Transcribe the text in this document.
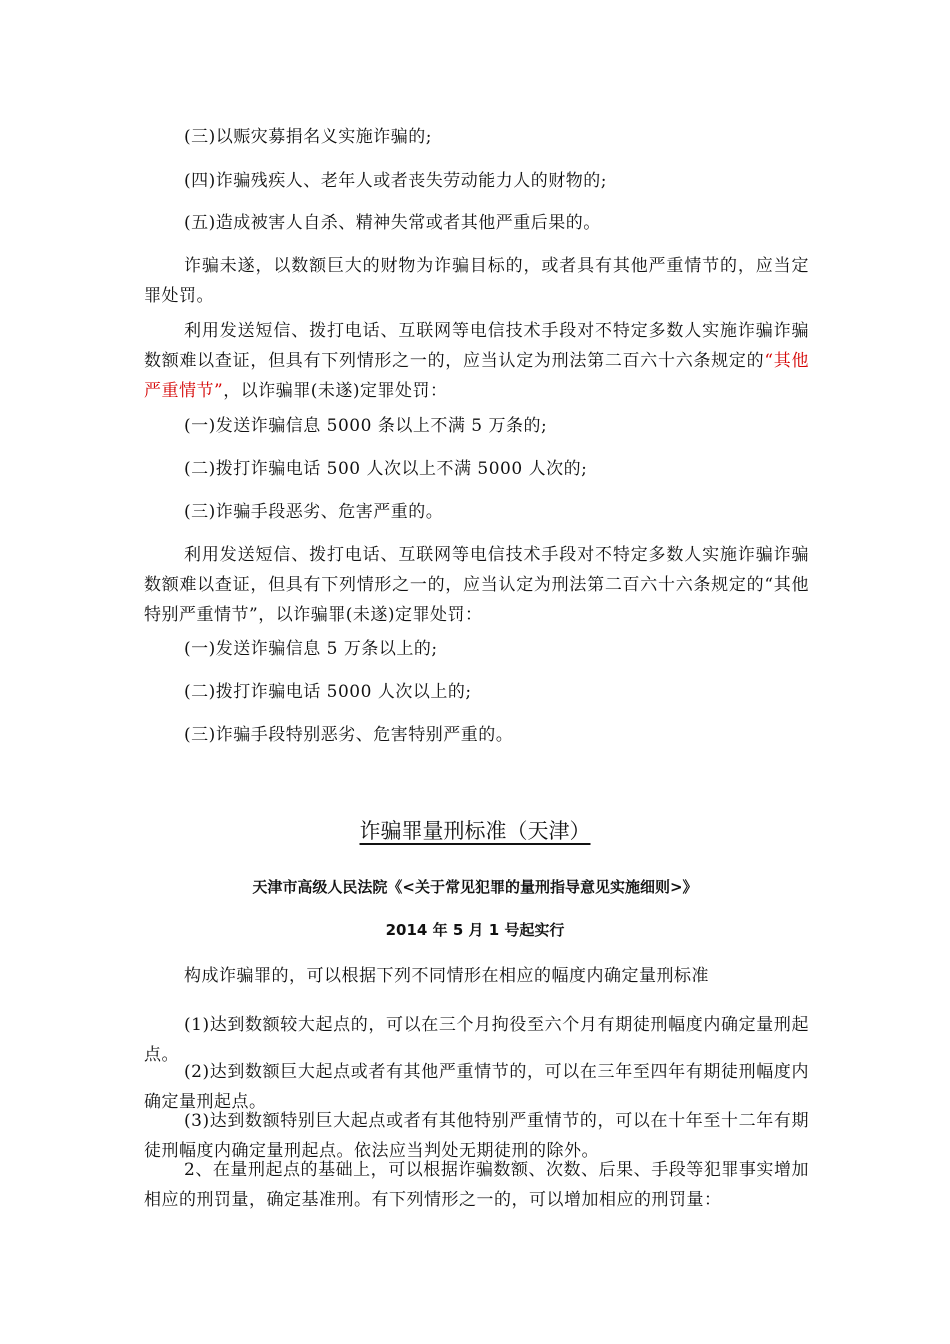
(三)以赈灾募捐名义实施诈骗的;

(四)诈骗残疾人、老年人或者丧失劳动能力人的财物的;

(五)造成被害人自杀、精神失常或者其他严重后果的。

诈骗未遂，以数额巨大的财物为诈骗目标的，或者具有其他严重情节的，应当定罪处罚。

利用发送短信、拨打电话、互联网等电信技术手段对不特定多数人实施诈骗诈骗数额难以查证，但具有下列情形之一的，应当认定为刑法第二百六十六条规定的“其他严重情节”，以诈骗罪(未遂)定罪处罚：

(一)发送诈骗信息 5000 条以上不满 5 万条的;

(二)拨打诈骗电话 500 人次以上不满 5000 人次的;

(三)诈骗手段恶劣、危害严重的。

利用发送短信、拨打电话、互联网等电信技术手段对不特定多数人实施诈骗诈骗数额难以查证，但具有下列情形之一的，应当认定为刑法第二百六十六条规定的“其他特别严重情节”，以诈骗罪(未遂)定罪处罚：

(一)发送诈骗信息 5 万条以上的;

(二)拨打诈骗电话 5000 人次以上的;

(三)诈骗手段特别恶劣、危害特别严重的。

诈骗罪量刑标准（天津）

天津市高级人民法院《<关于常见犯罪的量刑指导意见实施细则>》

2014 年 5 月 1 号起实行

构成诈骗罪的，可以根据下列不同情形在相应的幅度内确定量刑标准

(1)达到数额较大起点的，可以在三个月拘役至六个月有期徒刑幅度内确定量刑起点。

(2)达到数额巨大起点或者有其他严重情节的，可以在三年至四年有期徒刑幅度内确定量刑起点。

(3)达到数额特别巨大起点或者有其他特别严重情节的，可以在十年至十二年有期徒刑幅度内确定量刑起点。依法应当判处无期徒刑的除外。

2、在量刑起点的基础上，可以根据诈骗数额、次数、后果、手段等犯罪事实增加相应的刑罚量，确定基准刑。有下列情形之一的，可以增加相应的刑罚量：
